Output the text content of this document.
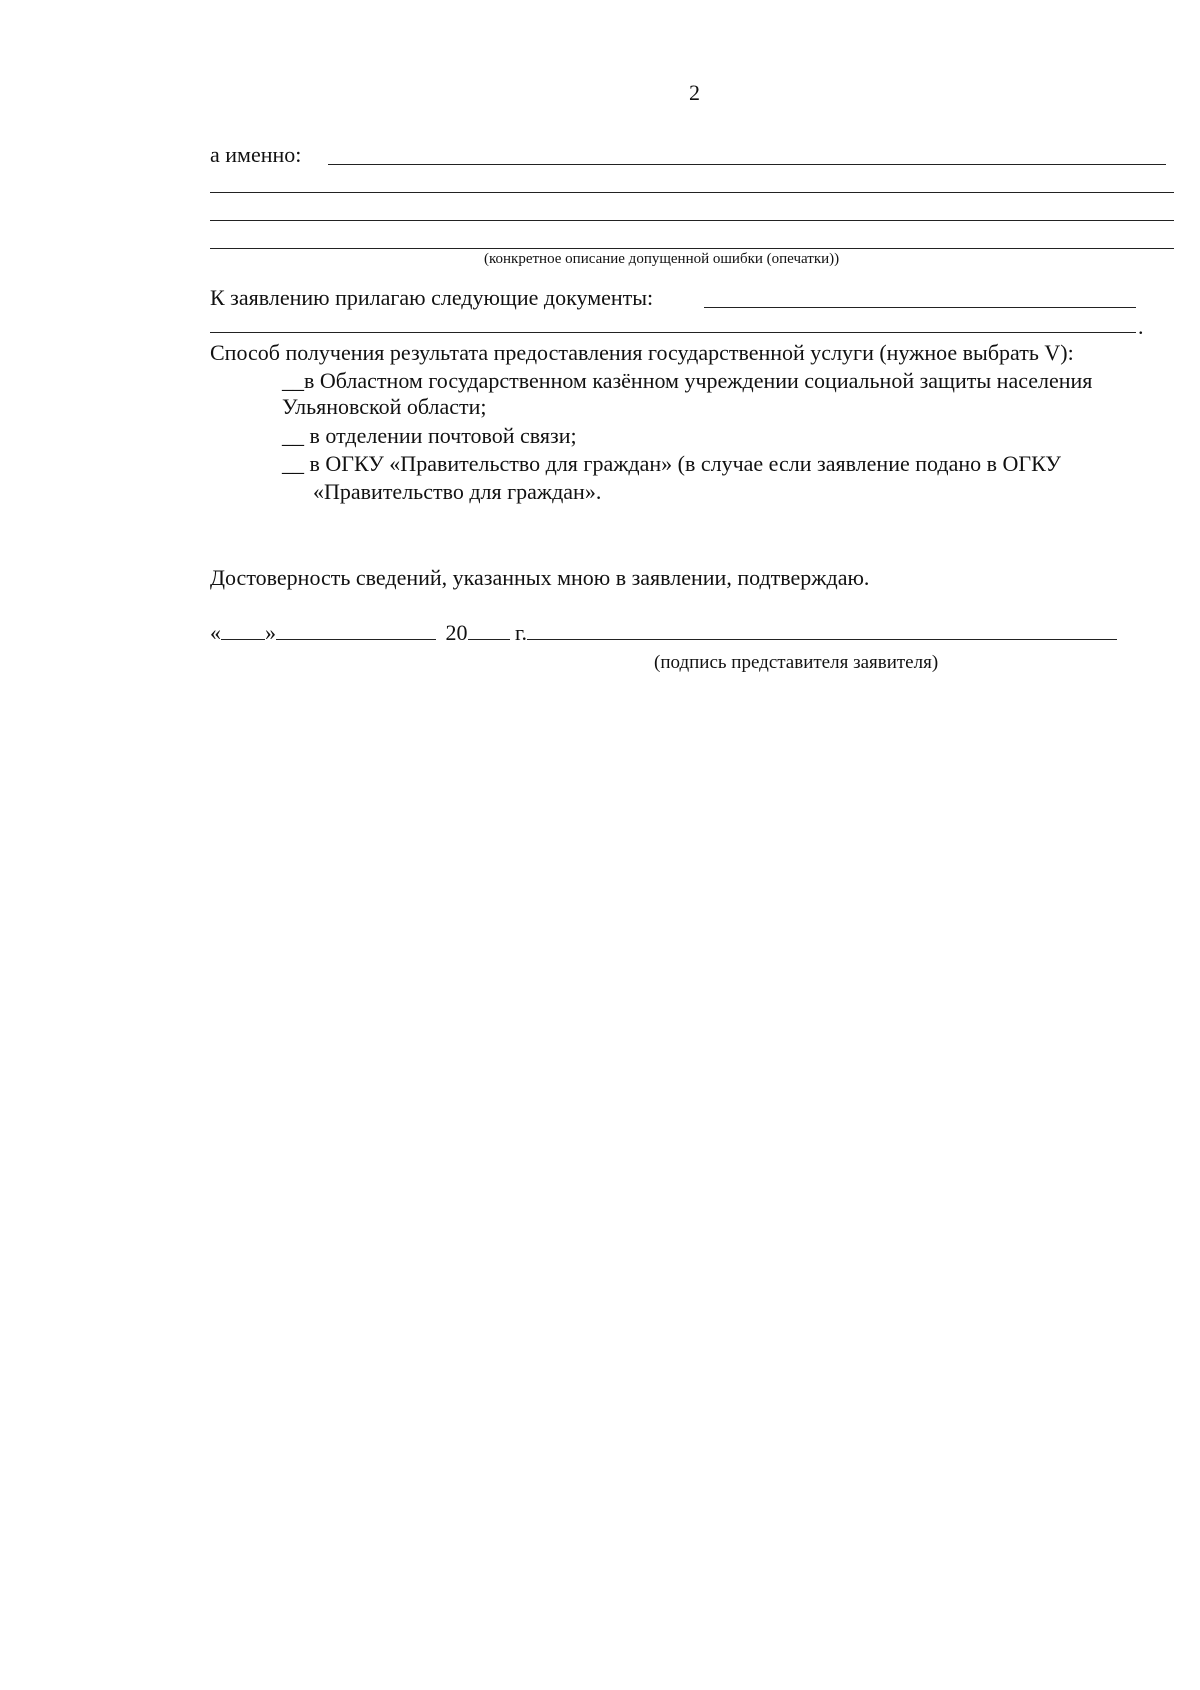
2
а именно:
(конкретное описание допущенной ошибки (опечатки))
К заявлению прилагаю следующие документы:
.
Способ получения результата предоставления государственной услуги (нужное выбрать V):
__в Областном государственном казённом учреждении социальной защиты населения
Ульяновской области;
__ в отделении почтовой связи;
__ в ОГКУ «Правительство для граждан» (в случае если заявление подано в ОГКУ
«Правительство для граждан».
Достоверность сведений, указанных мною в заявлении, подтверждаю.
« »	20 г.
(подпись представителя заявителя)
